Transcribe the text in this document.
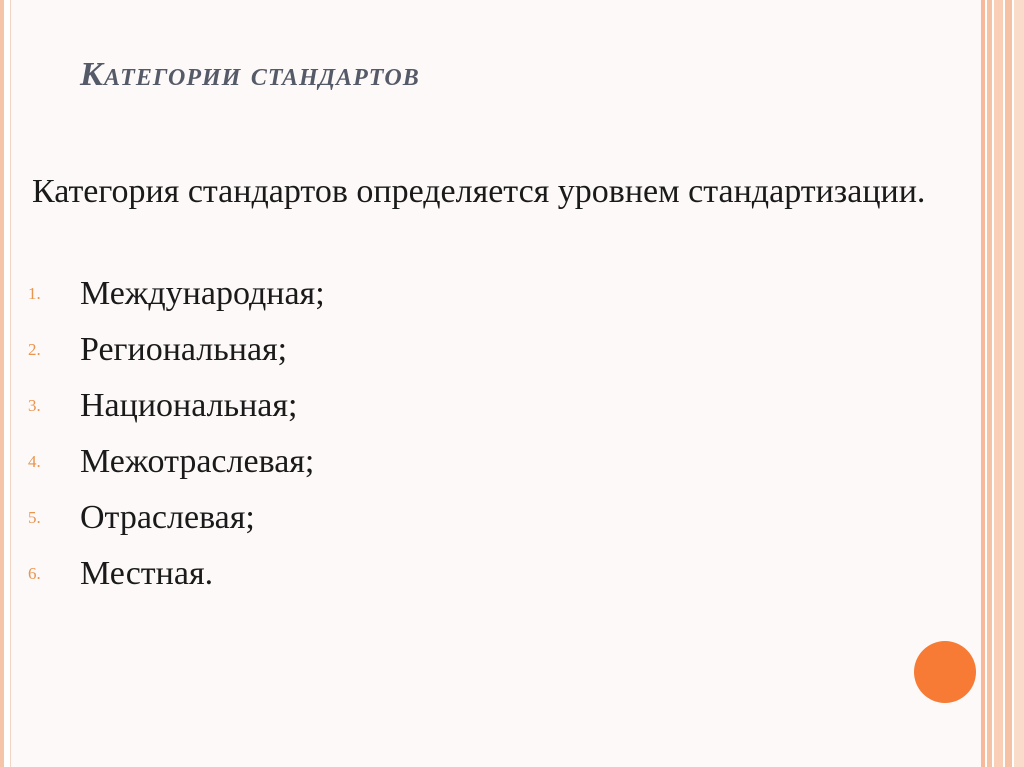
Категории стандартов

Категория стандартов определяется уровнем стандартизации.

1.	Международная;
2.	Региональная;
3.	Национальная;
4.	Межотраслевая;
5.	Отраслевая;
6.	Местная.
